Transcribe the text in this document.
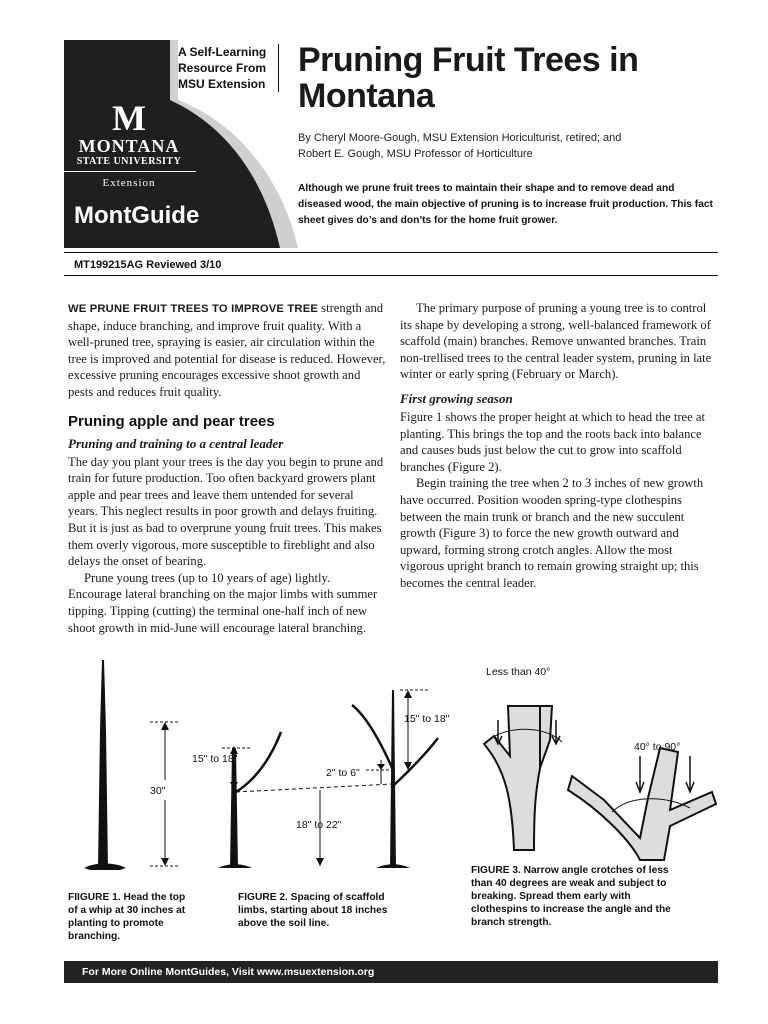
A Self-Learning
Resource From
MSU Extension
Pruning Fruit Trees in
Montana
By Cheryl Moore-Gough, MSU Extension Horiculturist, retired; and
Robert E. Gough, MSU Professor of Horticulture
Although we prune fruit trees to maintain their shape and to remove dead and diseased wood, the main objective of pruning is to increase fruit production. This fact sheet gives do’s and don’ts for the home fruit grower.
M
MONTANA
STATE UNIVERSITY
Extension
MontGuide
MT199215AG Reviewed 3/10

WE PRUNE FRUIT TREES TO IMPROVE TREE strength and shape, induce branching, and improve fruit quality. With a well-pruned tree, spraying is easier, air circulation within the tree is improved and potential for disease is reduced. However, excessive pruning encourages excessive shoot growth and pests and reduces fruit quality.

Pruning apple and pear trees
Pruning and training to a central leader

The day you plant your trees is the day you begin to prune and train for future production. Too often backyard growers plant apple and pear trees and leave them untended for several years. This neglect results in poor growth and delays fruiting. But it is just as bad to overprune young fruit trees. This makes them overly vigorous, more susceptible to fireblight and also delays the onset of bearing.

Prune young trees (up to 10 years of age) lightly. Encourage lateral branching on the major limbs with summer tipping. Tipping (cutting) the terminal one-half inch of new shoot growth in mid-June will encourage lateral branching.

The primary purpose of pruning a young tree is to control its shape by developing a strong, well-balanced framework of scaffold (main) branches. Remove unwanted branches. Train non-trellised trees to the central leader system, pruning in late winter or early spring (February or March).

First growing season

Figure 1 shows the proper height at which to head the tree at planting. This brings the top and the roots back into balance and causes buds just below the cut to grow into scaffold branches (Figure 2).

Begin training the tree when 2 to 3 inches of new growth have occurred. Position wooden spring-type clothespins between the main trunk or branch and the new succulent growth (Figure 3) to force the new growth outward and upward, forming strong crotch angles. Allow the most vigorous upright branch to remain growing straight up; this becomes the central leader.

30"
15" to 18"
15" to 18"
2" to 6"
18" to 22"
Less than 40°
40° to 90°
FIIGURE 1. Head the top of a whip at 30 inches at planting to promote branching.
FIGURE 2. Spacing of scaffold limbs, starting about 18 inches above the soil line.
FIGURE 3. Narrow angle crotches of less than 40 degrees are weak and subject to breaking. Spread them early with clothespins to increase the angle and the branch strength.
For More Online MontGuides, Visit www.msuextension.org
